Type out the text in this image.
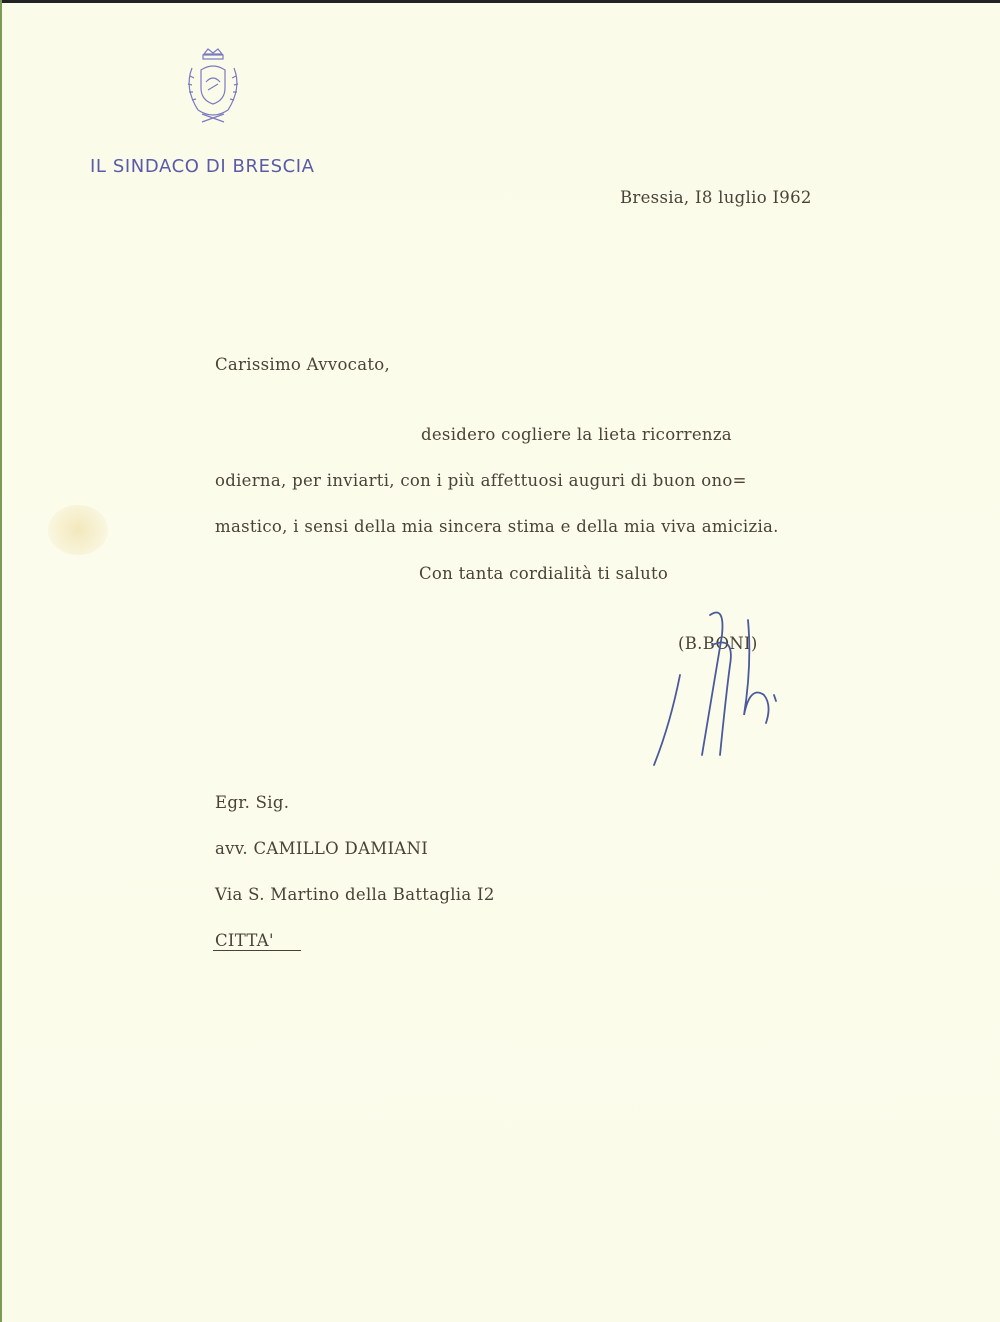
IL SINDACO DI BRESCIA
Bressia, I8 luglio I962
Carissimo Avvocato,
desidero cogliere la lieta ricorrenza
odierna, per inviarti, con i più affettuosi auguri di buon ono=
mastico, i sensi della mia sincera stima e della mia viva amicizia.
Con tanta cordialità ti saluto
(B.BONI)
Egr. Sig.
avv. CAMILLO DAMIANI
Via S. Martino della Battaglia I2
CITTA'
